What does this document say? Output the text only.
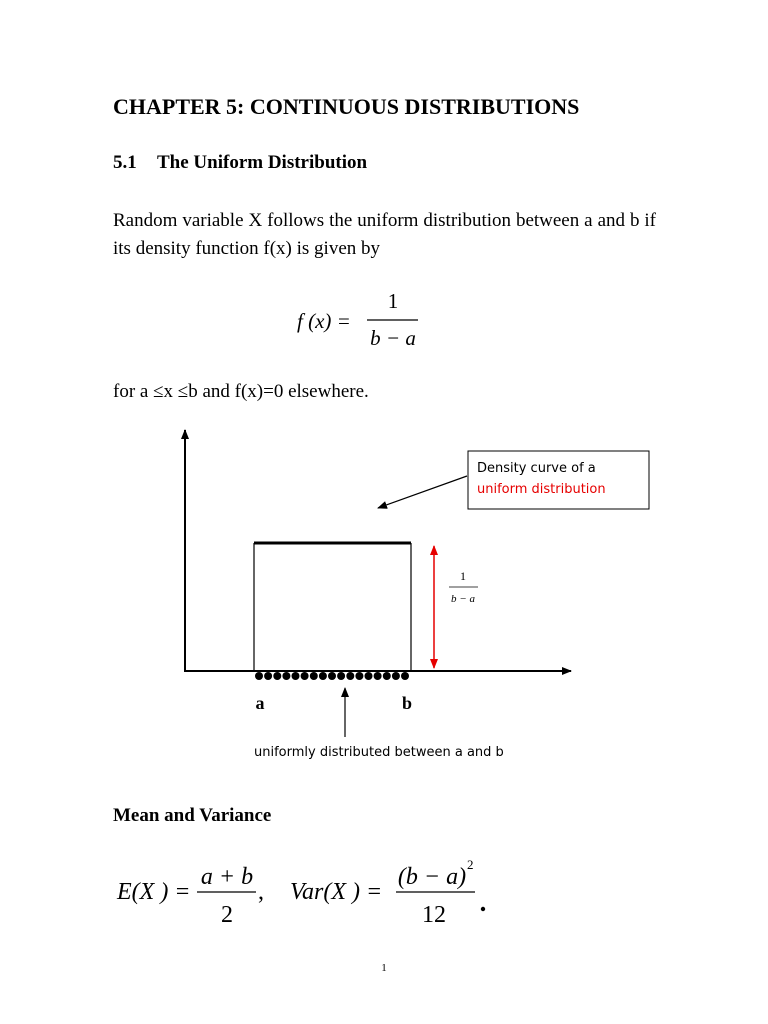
CHAPTER 5: CONTINUOUS DISTRIBUTIONS
5.1 The Uniform Distribution
Random variable X follows the uniform distribution between a and b if its density function f(x) is given by
f (x) =
1
b − a
for a ≤x ≤b and f(x)=0 elsewhere.
1
b − a
Density curve of a
uniform distribution
a	b
uniformly distributed between a and b
Mean and Variance
E(X ) =
a + b
2
, Var(X ) =
(b − a) 2
12
1
